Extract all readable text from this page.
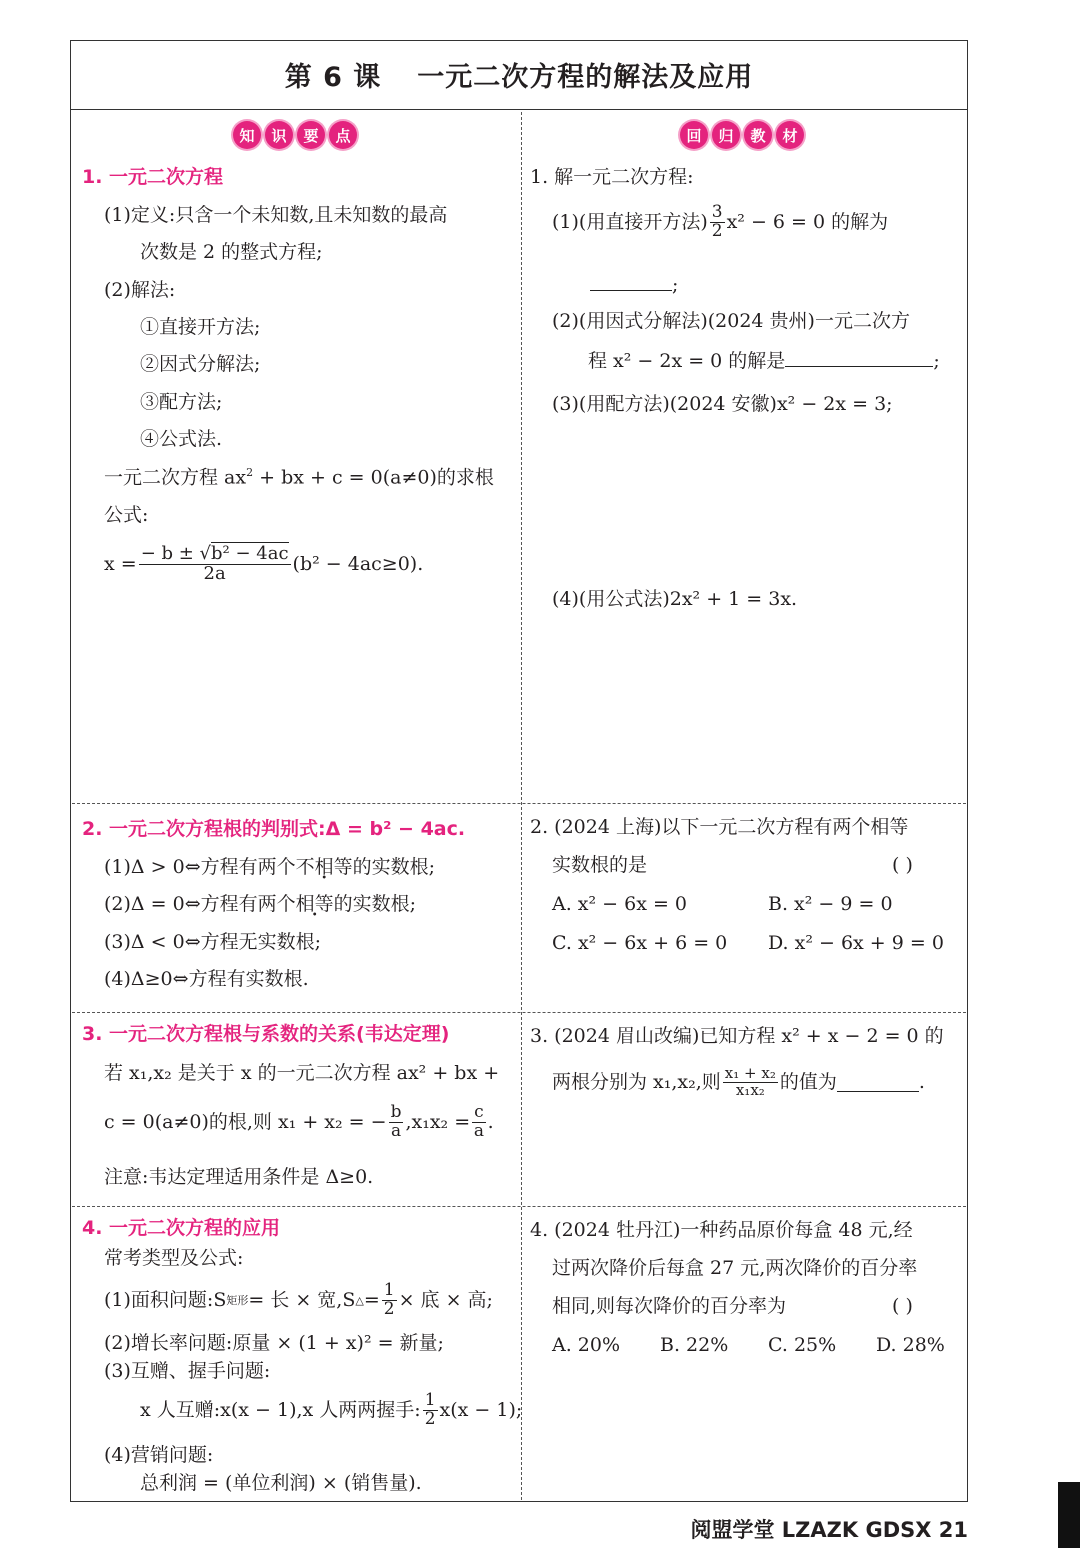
第 6 课 一元二次方程的解法及应用
知	识	要	点	回	归	教	材
1. 一元二次方程
(1)定义:只含一个未知数,且未知数的最高
次数是 2 的整式方程;
(2)解法:
①直接开方法;
②因式分解法;
③配方法;
④公式法.
一元二次方程 $ax^2$ + bx + c = 0(a≠0)的求根
公式:
$x = \frac{\text{− b ± √b² − 4ac}}{2a} (b^2 - 4ac\ge 0)$.
1. 解一元二次方程:
(1)(用直接开方法) $\frac{3}{2} x^2 - 6 = 0$ 的解为
;
(2)(用因式分解法)(2024 贵州)一元二次方
程 x² − 2x = 0 的解是	;
(3)(用配方法)(2024 安徽)x² − 2x = 3;
(4)(用公式法)2x² + 1 = 3x.
2. 一元二次方程根的判别式:Δ = b² − 4ac.
(1)Δ > 0⇔方程有两个不相等的实数根;
(2)Δ = 0⇔方程有两个相等的实数根;
(3)Δ < 0⇔方程无实数根;
(4)Δ≥0⇔方程有实数根.
2. (2024 上海)以下一元二次方程有两个相等
实数根的是	( )
A. x² − 6x = 0	B. x² − 9 = 0
C. x² − 6x + 6 = 0 D. x² − 6x + 9 = 0
3. 一元二次方程根与系数的关系(韦达定理)
若 x₁,x₂ 是关于 x 的一元二次方程 ax² + bx +
c = 0(a≠0)的根,则 x₁ + x₂ = − $\frac{b}{a} ,x_1x_2 = \frac{c}{a}$ .
注意:韦达定理适用条件是 Δ≥0.
3. (2024 眉山改编)已知方程 x² + x − 2 = 0 的
两根分别为 x₁,x₂,则 $\frac{\text{x₁ + x₂}}{\text{x₁x₂}}$ 的值为	.
4. 一元二次方程的应用
常考类型及公式:
(1)面积问题:S 矩形 = 长 × 宽,S △ = $\frac{1}{2}$ × 底 × 高;
(2)增长率问题:原量 × (1 + x)² = 新量;
(3)互赠、握手问题:
x 人互赠:x(x − 1),x 人两两握手: $\frac{1}{2} x(x - 1)$;
(4)营销问题:
总利润 = (单位利润) × (销售量).
4. (2024 牡丹江)一种药品原价每盒 48 元,经
过两次降价后每盒 27 元,两次降价的百分率
相同,则每次降价的百分率为	( )
A. 20% B. 22% C. 25% D. 28%
阅盟学堂 LZAZK GDSX 21
